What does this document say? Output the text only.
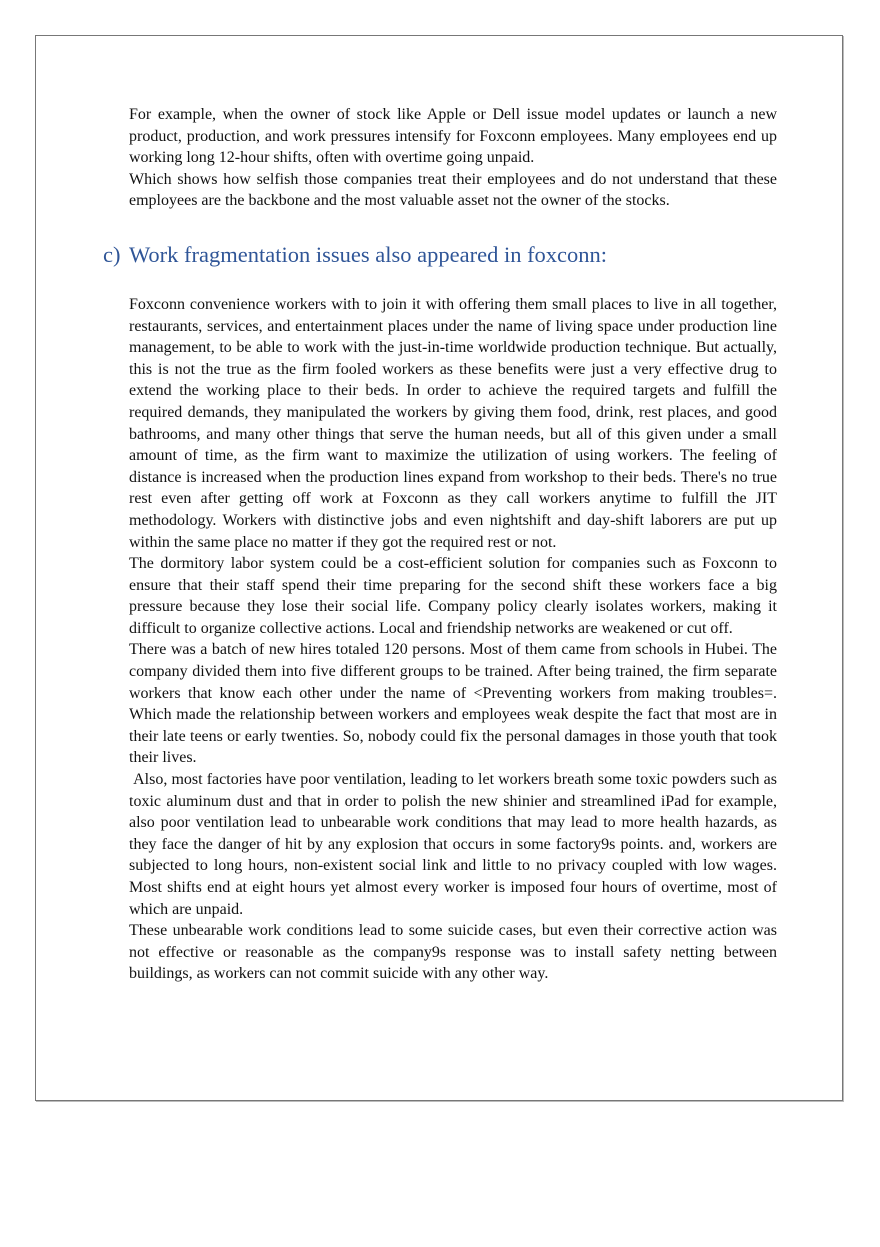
For example, when the owner of stock like Apple or Dell issue model updates or launch a new product, production, and work pressures intensify for Foxconn employees. Many employees end up working long 12-hour shifts, often with overtime going unpaid.

Which shows how selfish those companies treat their employees and do not understand that these employees are the backbone and the most valuable asset not the owner of the stocks.

c) Work fragmentation issues also appeared in foxconn:

Foxconn convenience workers with to join it with offering them small places to live in all together, restaurants, services, and entertainment places under the name of living space under production line management, to be able to work with the just-in-time worldwide production technique. But actually, this is not the true as the firm fooled workers as these benefits were just a very effective drug to extend the working place to their beds. In order to achieve the required targets and fulfill the required demands, they manipulated the workers by giving them food, drink, rest places, and good bathrooms, and many other things that serve the human needs, but all of this given under a small amount of time, as the firm want to maximize the utilization of using workers. The feeling of distance is increased when the production lines expand from workshop to their beds. There's no true rest even after getting off work at Foxconn as they call workers anytime to fulfill the JIT methodology. Workers with distinctive jobs and even nightshift and day-shift laborers are put up within the same place no matter if they got the required rest or not.

The dormitory labor system could be a cost-efficient solution for companies such as Foxconn to ensure that their staff spend their time preparing for the second shift these workers face a big pressure because they lose their social life. Company policy clearly isolates workers, making it difficult to organize collective actions. Local and friendship networks are weakened or cut off.

There was a batch of new hires totaled 120 persons. Most of them came from schools in Hubei. The company divided them into five different groups to be trained. After being trained, the firm separate workers that know each other under the name of <Preventing workers from making troubles=. Which made the relationship between workers and employees weak despite the fact that most are in their late teens or early twenties. So, nobody could fix the personal damages in those youth that took their lives.

Also, most factories have poor ventilation, leading to let workers breath some toxic powders such as toxic aluminum dust and that in order to polish the new shinier and streamlined iPad for example, also poor ventilation lead to unbearable work conditions that may lead to more health hazards, as they face the danger of hit by any explosion that occurs in some factory9s points. and, workers are subjected to long hours, non-existent social link and little to no privacy coupled with low wages. Most shifts end at eight hours yet almost every worker is imposed four hours of overtime, most of which are unpaid.

These unbearable work conditions lead to some suicide cases, but even their corrective action was not effective or reasonable as the company9s response was to install safety netting between buildings, as workers can not commit suicide with any other way.
